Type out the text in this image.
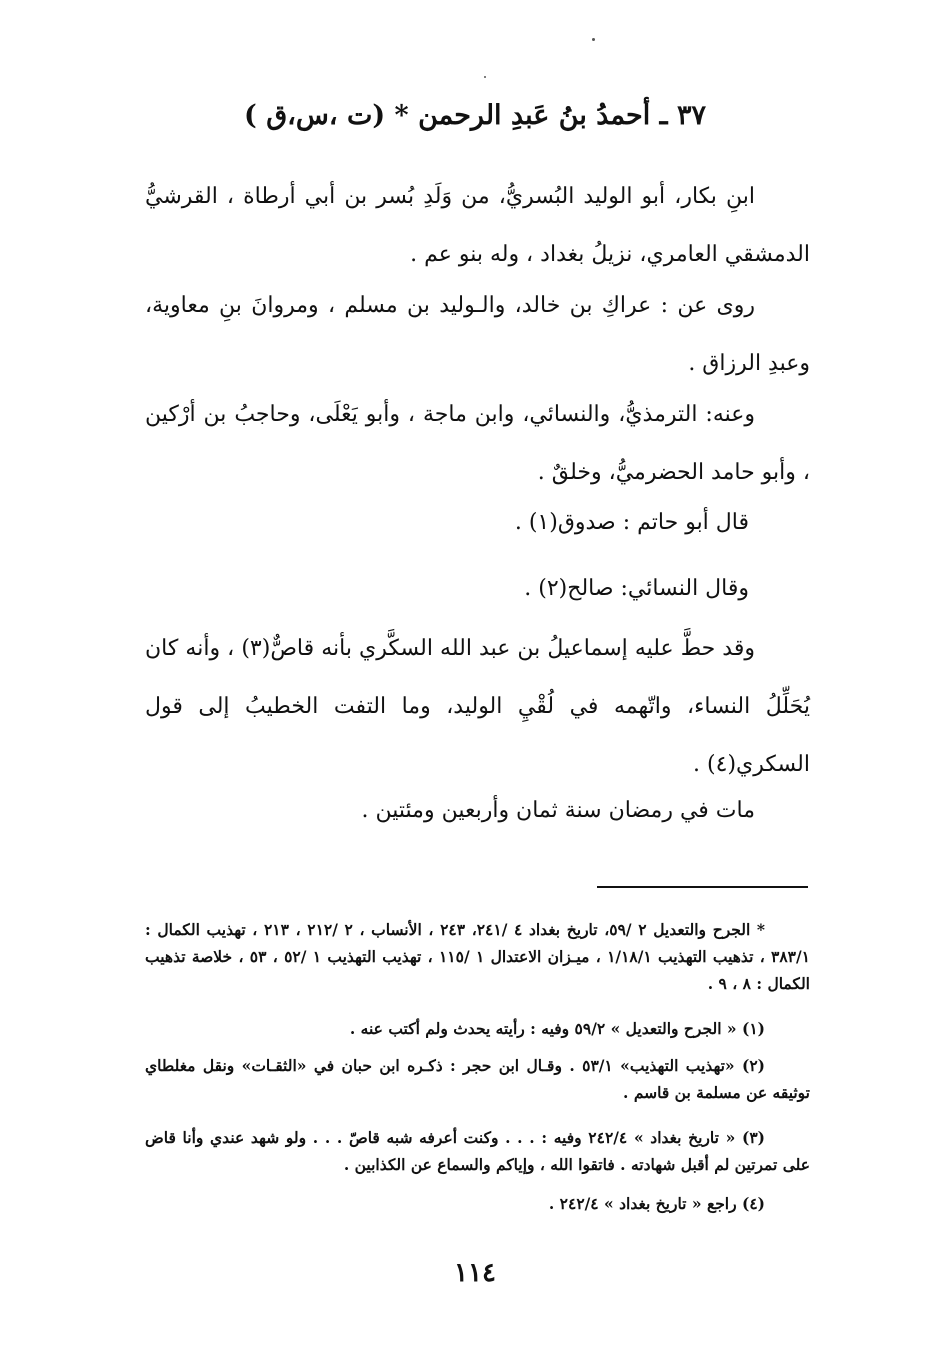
٣٧ ـ أحمدُ بنُ عَبدِ الرحمن * (ت ،س،ق )

ابنِ بكار، أبو الوليد البُسريُّ، من وَلَدِ بُسر بن أبي أرطاة ، القرشيُّ الدمشقي العامري، نزيلُ بغداد ، وله بنو عم .

روى عن : عراكِ بن خالد، والـوليد بن مسلم ، ومروانَ بنِ معاوية، وعبدِ الرزاق .

وعنه: الترمذيُّ، والنسائي، وابن ماجة ، وأبو يَعْلَى، وحاجبُ بن أرْكين ، وأبو حامد الحضرميُّ، وخلقٌ .

قال أبو حاتم : صدوق(١) .

وقال النسائي: صالح(٢) .

وقد حطَّ عليه إسماعيلُ بن عبد الله السكَّري بأنه قاصٌّ(٣) ، وأنه كان يُحَلِّلُ النساء، واتّهمه في لُقْيِ الوليد، وما التفت الخطيبُ إلى قول السكري(٤) .

مات في رمضان سنة ثمان وأربعين ومئتين .

* الجرح والتعديل ٢ /٥٩، تاريخ بغداد ٤ /٢٤١، ٢٤٣ ، الأنساب ، ٢ /٢١٢ ، ٢١٣ ، تهذيب الكمال : ٣٨٣/١ ، تذهيب التهذيب ١/١٨/١ ، ميـزان الاعتدال ١ /١١٥ ، تهذيب التهذيب ١ /٥٢ ، ٥٣ ، خلاصة تذهيب الكمال : ٨ ، ٩ .

(١) « الجرح والتعديل » ٥٩/٢ وفيه : رأيته يحدث ولم أكتب عنه .

(٢) «تهذيب التهذيب» ٥٣/١ . وقـال ابن حجر : ذكـره ابن حبان في «الثقـات» ونقل مغلطاي توثيقه عن مسلمة بن قاسم .

(٣) « تاريخ بغداد » ٢٤٢/٤ وفيه : . . . وكنت أعرفه شبه قاصّ . . . ولو شهد عندي وأنا قاض على تمرتين لم أقبل شهادته . فاتقوا الله ، وإياكم والسماع عن الكذابين .

(٤) راجع « تاريخ بغداد » ٢٤٢/٤ .

١١٤
